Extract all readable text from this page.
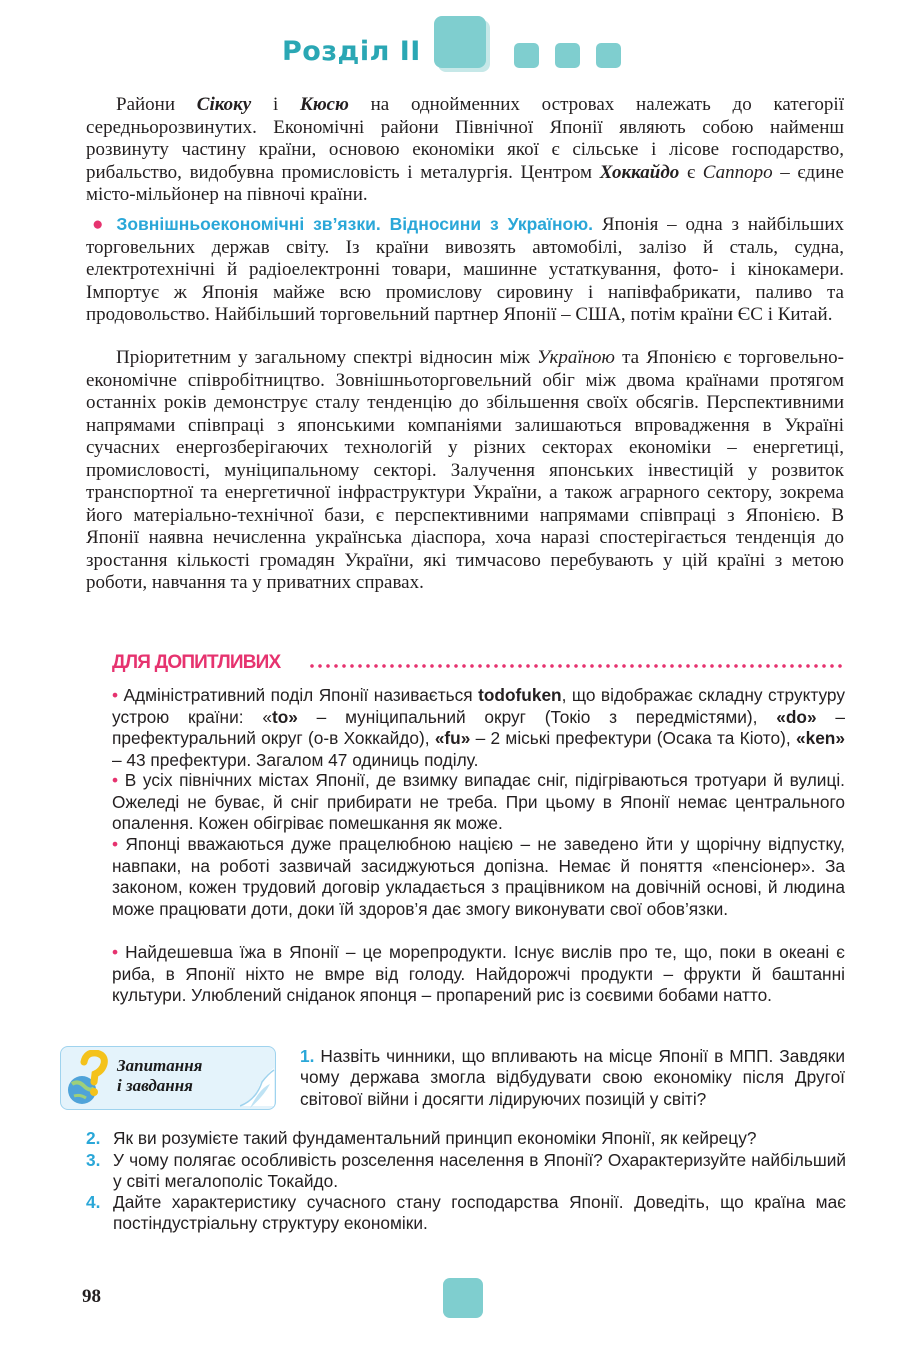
Розділ ІІ
Райони Сікоку і Кюсю на однойменних островах належать до категорії середньорозвинутих. Економічні райони Північної Японії являють собою найменш розвинуту частину країни, основою економіки якої є сільське і лісове господарство, рибальство, видобувна промисловість і металургія. Центром Хоккайдо є Саппоро – єдине місто-мільйонер на півночі країни.
● Зовнішньоекономічні зв’язки. Відносини з Україною. Японія – одна з найбільших торговельних держав світу. Із країни вивозять автомобілі, залізо й сталь, судна, електротехнічні й радіоелектронні товари, машинне устаткування, фото- і кінокамери. Імпортує ж Японія майже всю промислову сировину і напівфабрикати, паливо та продовольство. Найбільший торговельний партнер Японії – США, потім країни ЄС і Китай.
Пріоритетним у загальному спектрі відносин між Україною та Японією є торговельно-економічне співробітництво. Зовнішньоторговельний обіг між двома країнами протягом останніх років демонструє сталу тенденцію до збільшення своїх обсягів. Перспективними напрямами співпраці з японськими компаніями залишаються впровадження в Україні сучасних енергозберігаючих технологій у різних секторах економіки – енергетиці, промисловості, муніципальному секторі. Залучення японських інвестицій у розвиток транспортної та енергетичної інфраструктури України, а також аграрного сектору, зокрема його матеріально-технічної бази, є перспективними напрямами співпраці з Японією. В Японії наявна нечисленна українська діаспора, хоча наразі спостерігається тенденція до зростання кількості громадян України, які тимчасово перебувають у цій країні з метою роботи, навчання та у приватних справах.
ДЛЯ ДОПИТЛИВИХ
• Адміністративний поділ Японії називається todofuken, що відображає складну структуру устрою країни: «to» – муніципальний округ (Токіо з передмістями), «do» – префектуральний округ (о-в Хоккайдо), «fu» – 2 міські префектури (Осака та Кіото), «ken» – 43 префектури. Загалом 47 одиниць поділу.
• В усіх північних містах Японії, де взимку випадає сніг, підігріваються тротуари й вулиці. Ожеледі не буває, й сніг прибирати не треба. При цьому в Японії немає центрального опалення. Кожен обігріває помешкання як може.
• Японці вважаються дуже працелюбною нацією – не заведено йти у щорічну відпустку, навпаки, на роботі зазвичай засиджуються допізна. Немає й поняття «пенсіонер». За законом, кожен трудовий договір укладається з працівником на довічній основі, й людина може працювати доти, доки їй здоров’я дає змогу виконувати свої обов’язки.
• Найдешевша їжа в Японії – це морепродукти. Існує вислів про те, що, поки в океані є риба, в Японії ніхто не вмре від голоду. Найдорожчі продукти – фрукти й баштанні культури. Улюблений сніданок японця – пропарений рис із соєвими бобами натто.
Запитання
і завдання
1. Назвіть чинники, що впливають на місце Японії в МПП. Завдяки чому держава змогла відбудувати свою економіку після Другої світової війни і досягти лідируючих позицій у світі?
2. Як ви розумієте такий фундаментальний принцип економіки Японії, як кейрецу?
3. У чому полягає особливість розселення населення в Японії? Охарактеризуйте найбільший у світі мегалополіс Токайдо.
4. Дайте характеристику сучасного стану господарства Японії. Доведіть, що країна має постіндустріальну структуру економіки.
98
